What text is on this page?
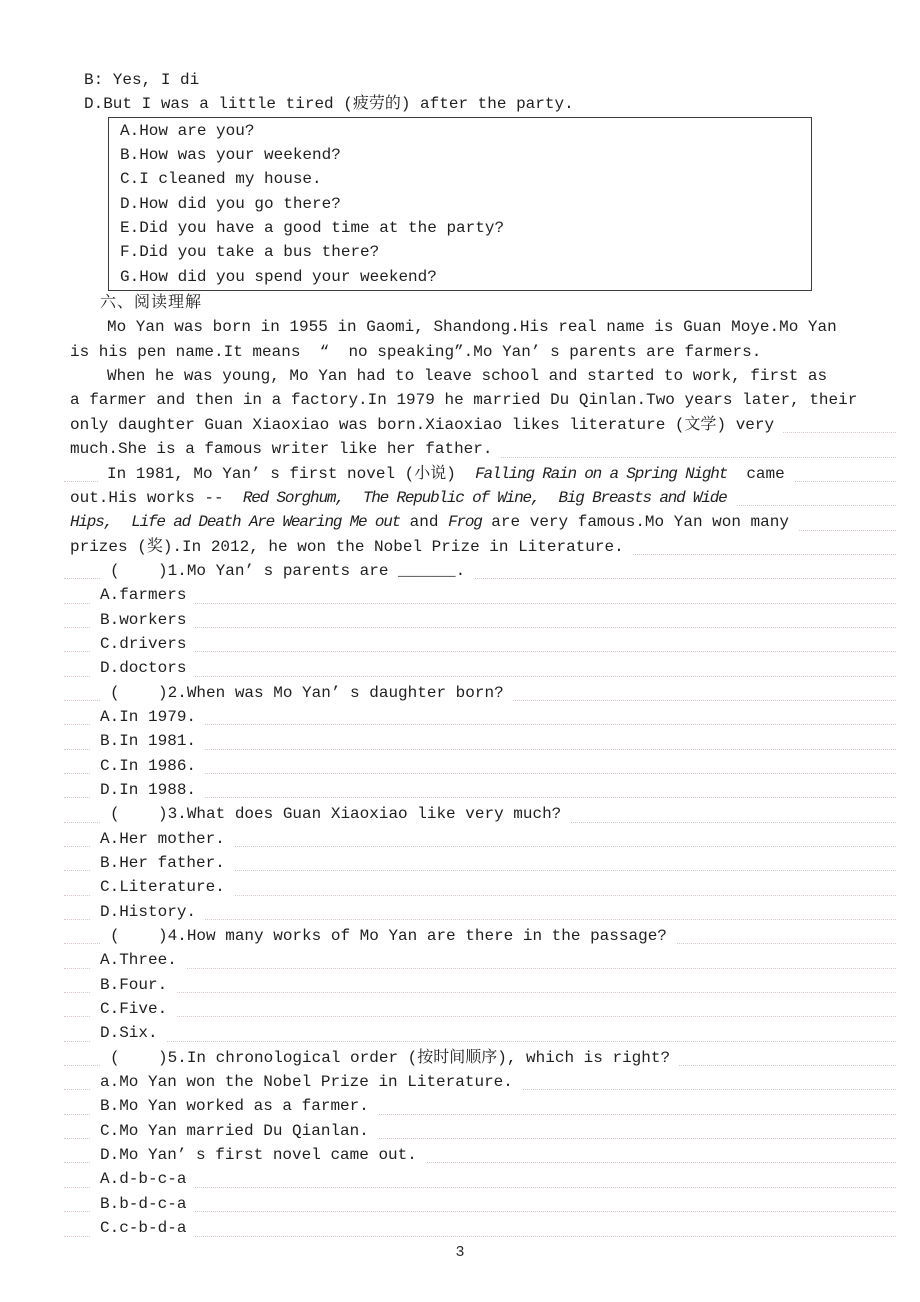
B: Yes, I di
D.But I was a little tired (疲劳的) after the party.
A.How are you?
B.How was your weekend?
C.I cleaned my house.
D.How did you go there?
E.Did you have a good time at the party?
F.Did you take a bus there?
G.How did you spend your weekend?
六、阅读理解
Mo Yan was born in 1955 in Gaomi, Shandong.His real name is Guan Moye.Mo Yan
is his pen name.It means  “  no speaking”.Mo Yan’ s parents are farmers.
When he was young, Mo Yan had to leave school and started to work, first as
a farmer and then in a factory.In 1979 he married Du Qinlan.Two years later, their
only daughter Guan Xiaoxiao was born.Xiaoxiao likes literature (文学) very
much.She is a famous writer like her father.
In 1981, Mo Yan’ s first novel (小说)  Falling Rain on a Spring Night  came
out.His works --  Red Sorghum, The Republic of Wine, Big Breasts and Wide
Hips, Life ad Death Are Wearing Me out and Frog are very famous.Mo Yan won many
prizes (奖).In 2012, he won the Nobel Prize in Literature.
(    )1.Mo Yan’ s parents are ______.
A.farmers
B.workers
C.drivers
D.doctors
(    )2.When was Mo Yan’ s daughter born?
A.In 1979.
B.In 1981.
C.In 1986.
D.In 1988.
(    )3.What does Guan Xiaoxiao like very much?
A.Her mother.
B.Her father.
C.Literature.
D.History.
(    )4.How many works of Mo Yan are there in the passage?
A.Three.
B.Four.
C.Five.
D.Six.
(    )5.In chronological order (按时间顺序), which is right?
a.Mo Yan won the Nobel Prize in Literature.
B.Mo Yan worked as a farmer.
C.Mo Yan married Du Qianlan.
D.Mo Yan’ s first novel came out.
A.d-b-c-a
B.b-d-c-a
C.c-b-d-a
3
